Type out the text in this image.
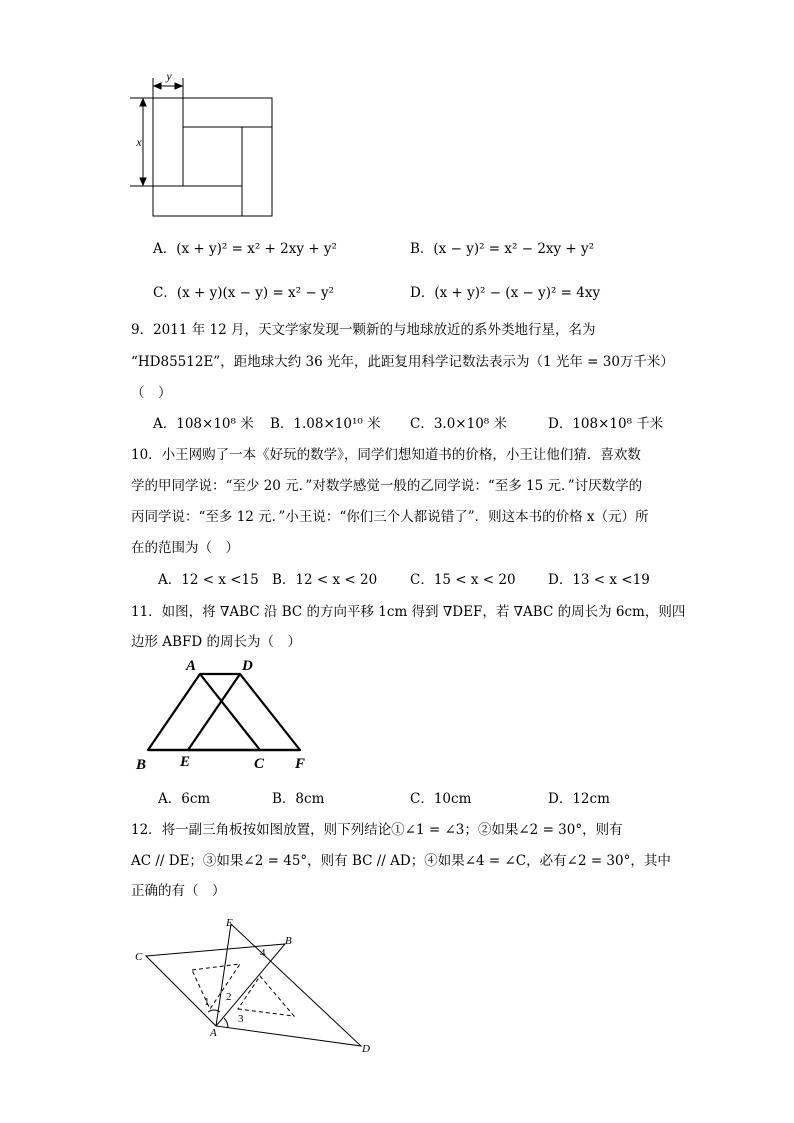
x
y
A．(x + y)² = x² + 2xy + y²	B．(x − y)² = x² − 2xy + y²
C．(x + y)(x − y) = x² − y²	D．(x + y)² − (x − y)² = 4xy
9．2011 年 12 月，天文学家发现一颗新的与地球放近的系外类地行星，名为
“HD85512E”，距地球大约 36 光年，此距复用科学记数法表示为（1 光年 = 30万千米）
（　）
A．108×10⁸ 米 B．1.08×10¹⁰ 米 C．3.0×10⁸ 米	D．108×10⁸ 千米
10．小王网购了一本《好玩的数学》，同学们想知道书的价格，小王让他们猜．喜欢数
学的甲同学说：“至少 20 元．”对数学感觉一般的乙同学说：“至多 15 元．”讨厌数学的
丙同学说：“至多 12 元．”小王说：“你们三个人都说错了”．则这本书的价格 x（元）所
在的范围为（　）
A．12 < x <15 B．12 < x < 20 C．15 < x < 20 D．13 < x <19
11．如图，将 ∇ABC 沿 BC 的方向平移 1cm 得到 ∇DEF，若 ∇ABC 的周长为 6cm，则四
边形 ABFD 的周长为（　）
A	D
B E	C F
A．6cm	B．8cm	C．10cm	D．12cm
12．将一副三角板按如图放置，则下列结论①∠1 = ∠3；②如果∠2 = 30°，则有
AC // DE；③如果∠2 = 45°，则有 BC // AD；④如果∠4 = ∠C，必有∠2 = 30°，其中
正确的有（　）
E
B
C
A
D
1 2
3
4
